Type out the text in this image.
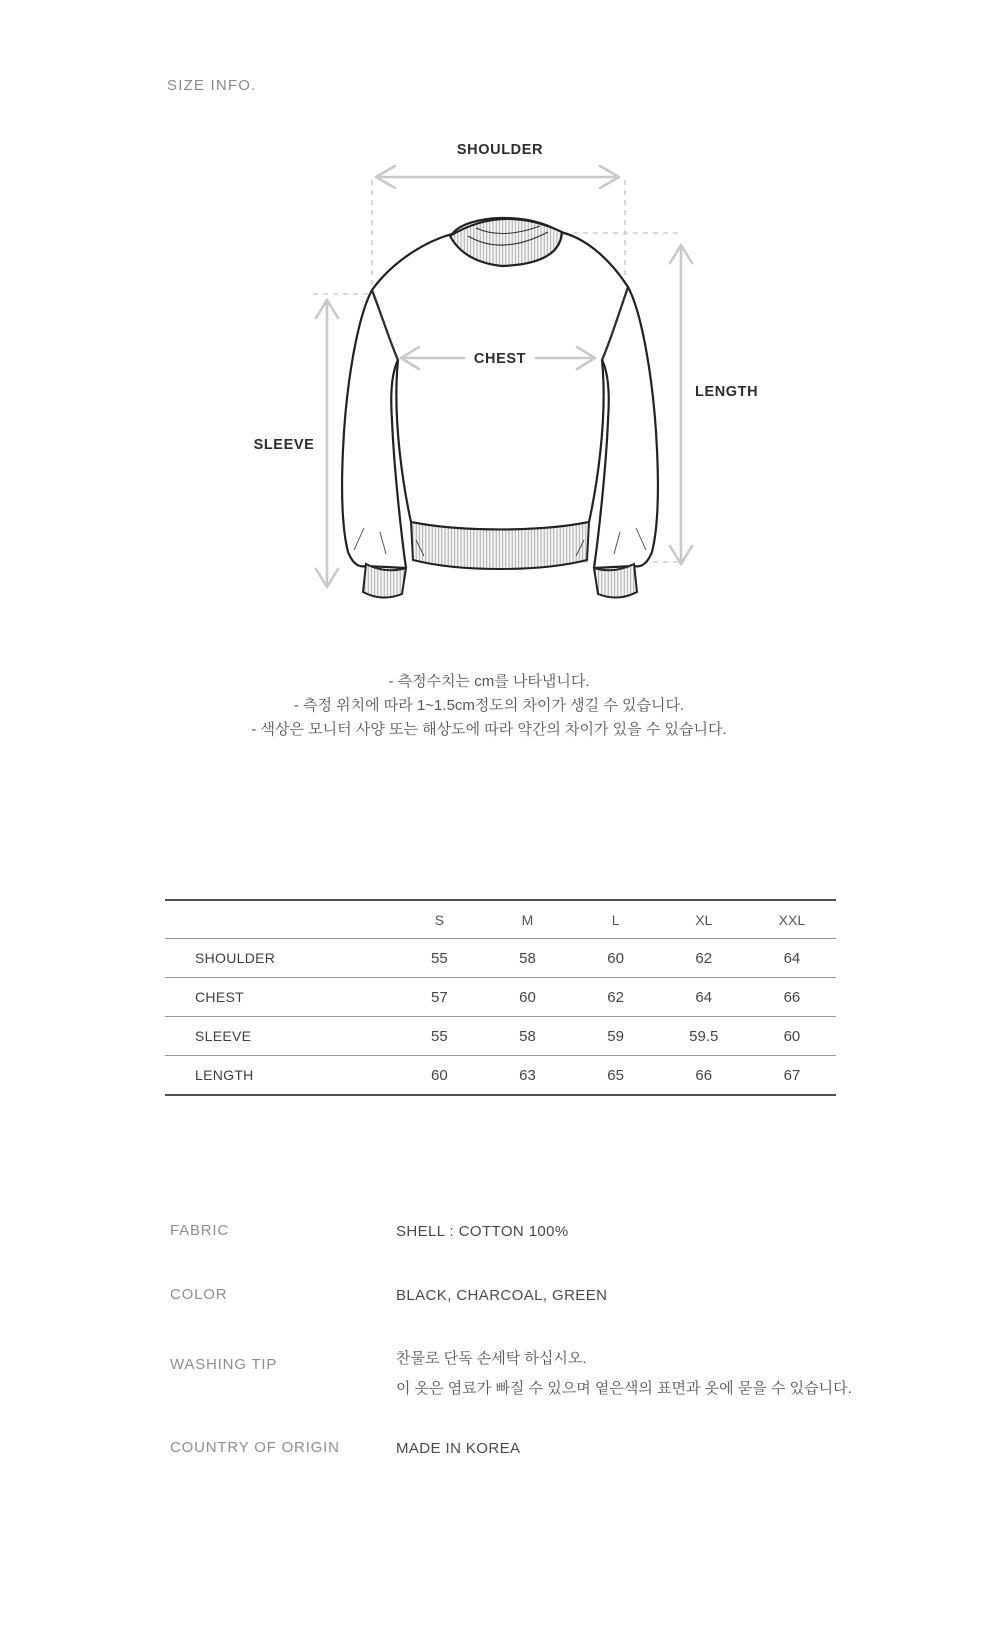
SIZE INFO.
SHOULDER
CHEST
SLEEVE
LENGTH
- 측정수치는 cm를 나타냅니다.
- 측정 위치에 따라 1~1.5cm정도의 차이가 생길 수 있습니다.
- 색상은 모니터 사양 또는 해상도에 따라 약간의 차이가 있을 수 있습니다.
	S	M	L	XL	XXL
SHOULDER	55	58	60	62	64
CHEST	57	60	62	64	66
SLEEVE	55	58	59	59.5	60
LENGTH	60	63	65	66	67
FABRIC	SHELL : COTTON 100%
COLOR	BLACK, CHARCOAL, GREEN
WASHING TIP	찬물로 단독 손세탁 하십시오.
이 옷은 염료가 빠질 수 있으며 옅은색의 표면과 옷에 묻을 수 있습니다.
COUNTRY OF ORIGIN	MADE IN KOREA
